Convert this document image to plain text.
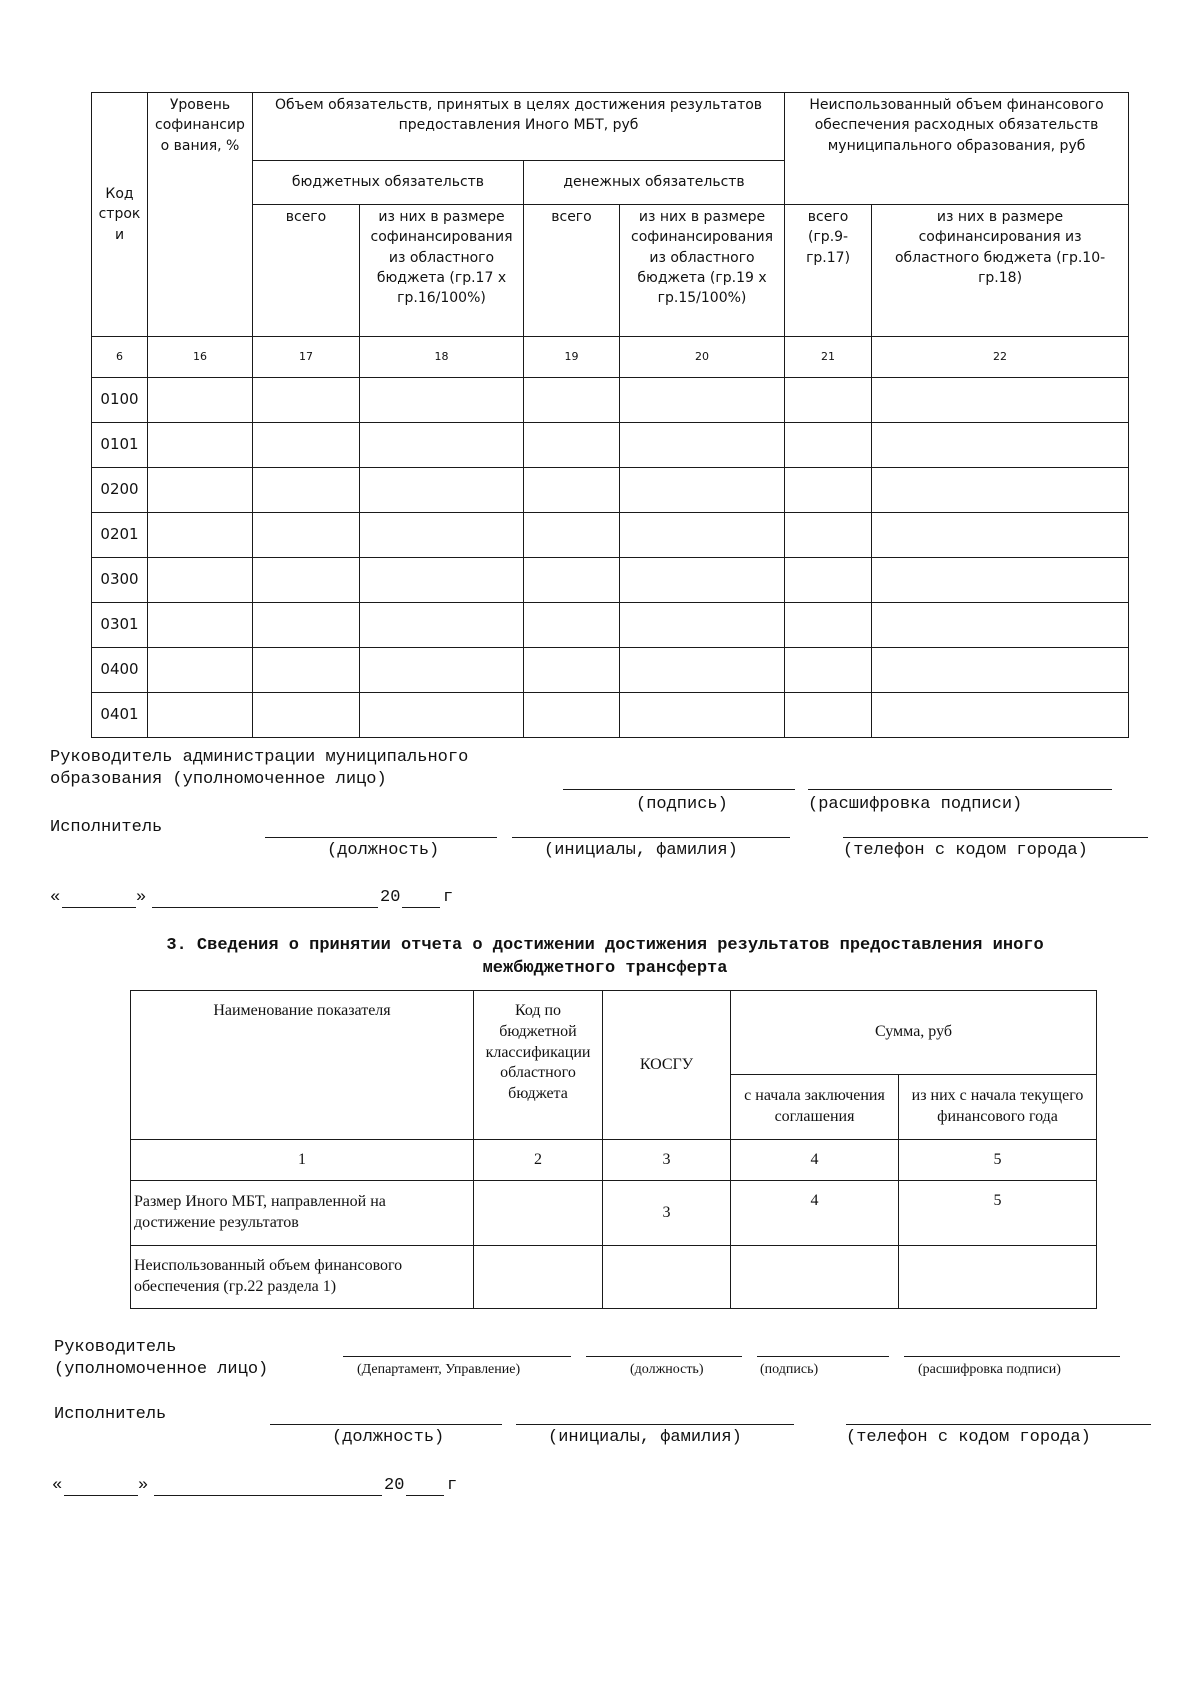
Код строки	Уровень софинансиро вания, %	Объем обязательств, принятых в целях достижения результатов предоставления Иного МБТ, руб				Неиспользованный объем финансового обеспечения расходных обязательств муниципального образования, руб	
		бюджетных обязательств		денежных обязательств			
		всего	из них в размере софинансирования из областного бюджета (гр.17 х гр.16/100%)	всего	из них в размере софинансирования из областного бюджета (гр.19 х гр.15/100%)	всего (гр.9-гр.17)	из них в размере софинансирования из областного бюджета (гр.10-гр.18)
6	16	17	18	19	20	21	22
0100							
0101							
0200							
0201							
0300							
0301							
0400							
0401							
Руководитель администрации муниципального
образования (уполномоченное лицо)
(подпись)	(расшифровка подписи)
Исполнитель
(должность)	(инициалы, фамилия)	(телефон с кодом города)
«	»	20	г
3. Сведения о принятии отчета о достижении достижения результатов предоставления иного
межбюджетного трансферта
Наименование показателя	Код по бюджетной классификации областного бюджета	КОСГУ	Сумма, руб	
			с начала заключения соглашения	из них с начала текущего финансового года
1	2	3	4	5
Размер Иного МБТ, направленной на достижение результатов		3	4	5
Неиспользованный объем финансового обеспечения (гр.22 раздела 1)				
Руководитель
(уполномоченное лицо)	(Департамент, Управление)	(должность)	(подпись)	(расшифровка подписи)
Исполнитель
(должность)	(инициалы, фамилия)	(телефон с кодом города)
«	»	20	г
